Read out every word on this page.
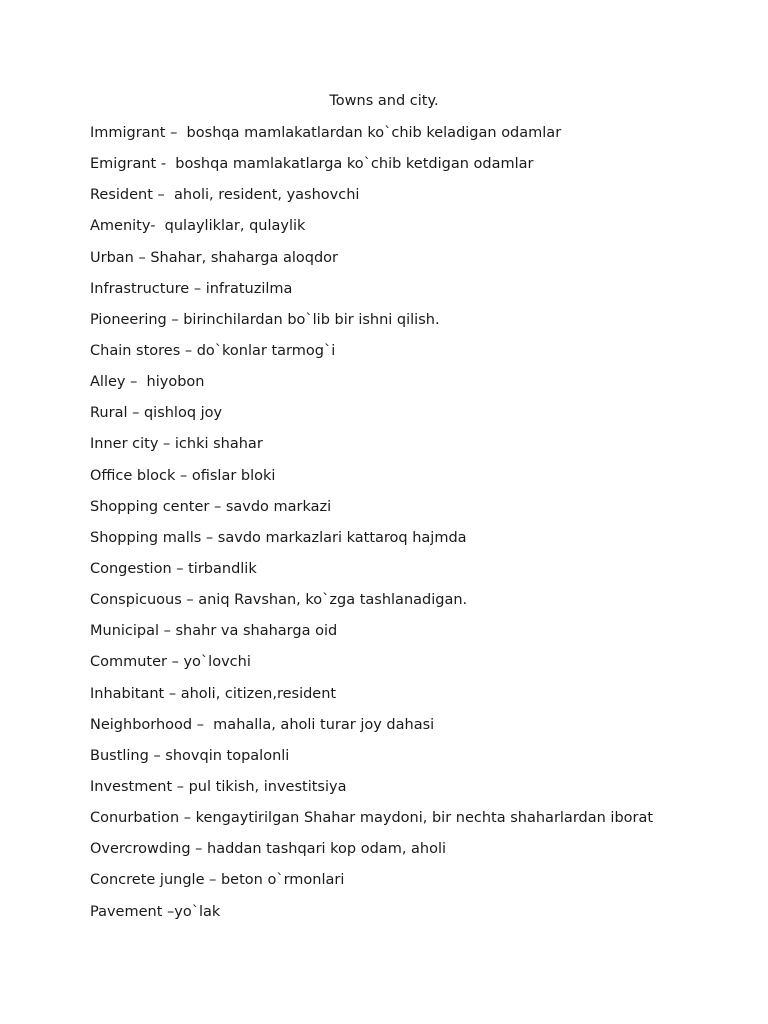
Towns and city.
Immigrant –  boshqa mamlakatlardan ko`chib keladigan odamlar
Emigrant -  boshqa mamlakatlarga ko`chib ketdigan odamlar
Resident –  aholi, resident, yashovchi
Amenity-  qulayliklar, qulaylik
Urban – Shahar, shaharga aloqdor
Infrastructure – infratuzilma
Pioneering – birinchilardan bo`lib bir ishni qilish.
Chain stores – do`konlar tarmog`i
Alley –  hiyobon
Rural – qishloq joy
Inner city – ichki shahar
Office block – ofislar bloki
Shopping center – savdo markazi
Shopping malls – savdo markazlari kattaroq hajmda
Congestion – tirbandlik
Conspicuous – aniq Ravshan, ko`zga tashlanadigan.
Municipal – shahr va shaharga oid
Commuter – yo`lovchi
Inhabitant – aholi, citizen,resident
Neighborhood –  mahalla, aholi turar joy dahasi
Bustling – shovqin topalonli
Investment – pul tikish, investitsiya
Conurbation – kengaytirilgan Shahar maydoni, bir nechta shaharlardan iborat
Overcrowding – haddan tashqari kop odam, aholi
Concrete jungle – beton o`rmonlari
Pavement –yo`lak
